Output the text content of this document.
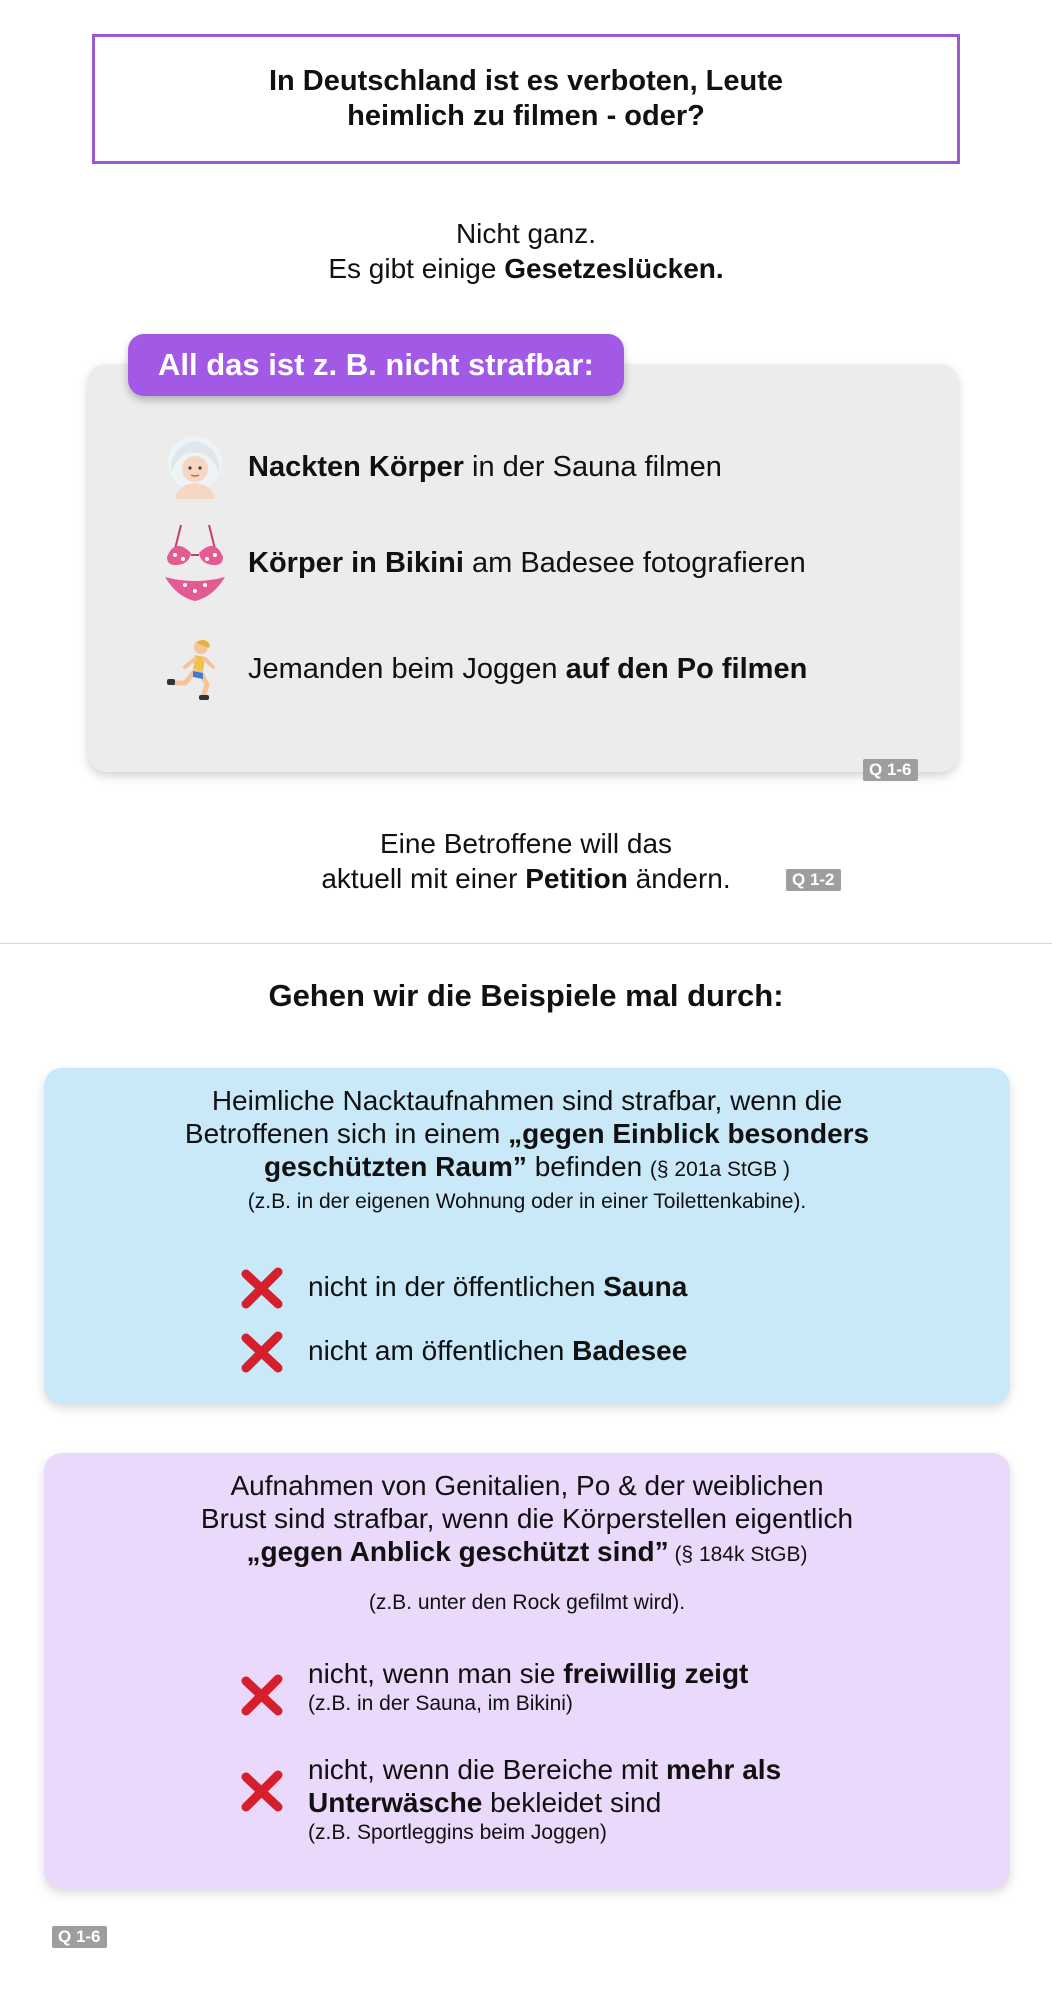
In Deutschland ist es verboten, Leute
heimlich zu filmen - oder?
Nicht ganz.
Es gibt einige Gesetzeslücken.
All das ist z. B. nicht strafbar:
Nackten Körper in der Sauna filmen
Körper in Bikini am Badesee fotografieren
Jemanden beim Joggen auf den Po filmen
Q 1-6
Eine Betroffene will das
aktuell mit einer Petition ändern.	Q 1-2
Gehen wir die Beispiele mal durch:
Heimliche Nacktaufnahmen sind strafbar, wenn die
Betroffenen sich in einem „gegen Einblick besonders
geschützten Raum” befinden (§ 201a StGB )
(z.B. in der eigenen Wohnung oder in einer Toilettenkabine).
nicht in der öffentlichen Sauna
nicht am öffentlichen Badesee
Aufnahmen von Genitalien, Po & der weiblichen
Brust sind strafbar, wenn die Körperstellen eigentlich
„gegen Anblick geschützt sind” (§ 184k StGB)
(z.B. unter den Rock gefilmt wird).
nicht, wenn man sie freiwillig zeigt
(z.B. in der Sauna, im Bikini)
nicht, wenn die Bereiche mit mehr als
Unterwäsche bekleidet sind
(z.B. Sportleggins beim Joggen)
Q 1-6
